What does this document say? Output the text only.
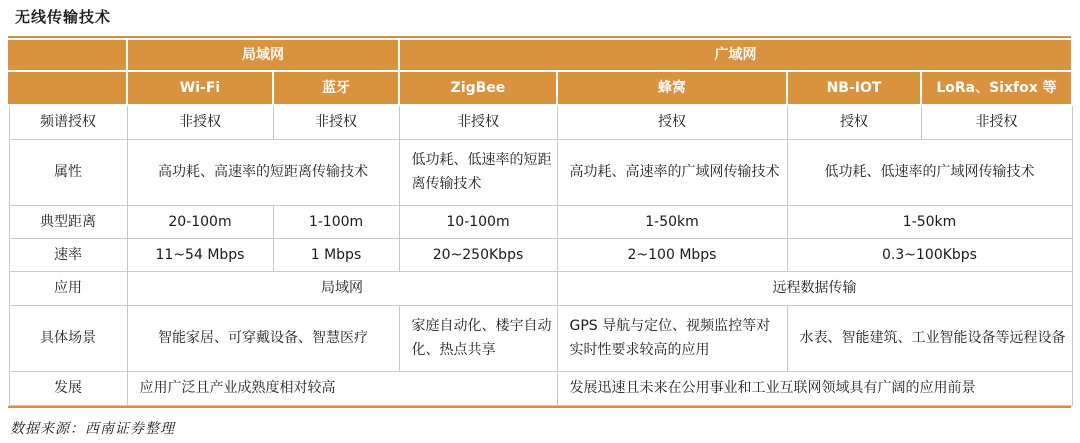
无线传输技术
	局域网		广域网			
	Wi-Fi	蓝牙	ZigBee	蜂窝	NB-IOT	LoRa、Sixfox 等
频谱授权	非授权	非授权	非授权	授权	授权	非授权
属性	高功耗、高速率的短距离传输技术		低功耗、低速率的短距离传输技术	高功耗、高速率的广域网传输技术	低功耗、低速率的广域网传输技术	
典型距离	20-100m	1-100m	10-100m	1-50km	1-50km	
速率	11~54 Mbps	1 Mbps	20~250Kbps	2~100 Mbps	0.3~100Kbps	
应用	局域网			远程数据传输		
具体场景	智能家居、可穿戴设备、智慧医疗		家庭自动化、楼宇自动化、热点共享	GPS 导航与定位、视频监控等对实时性要求较高的应用	水表、智能建筑、工业智能设备等远程设备	
发展	应用广泛且产业成熟度相对较高			发展迅速且未来在公用事业和工业互联网领域具有广阔的应用前景		
数据来源：西南证券整理
